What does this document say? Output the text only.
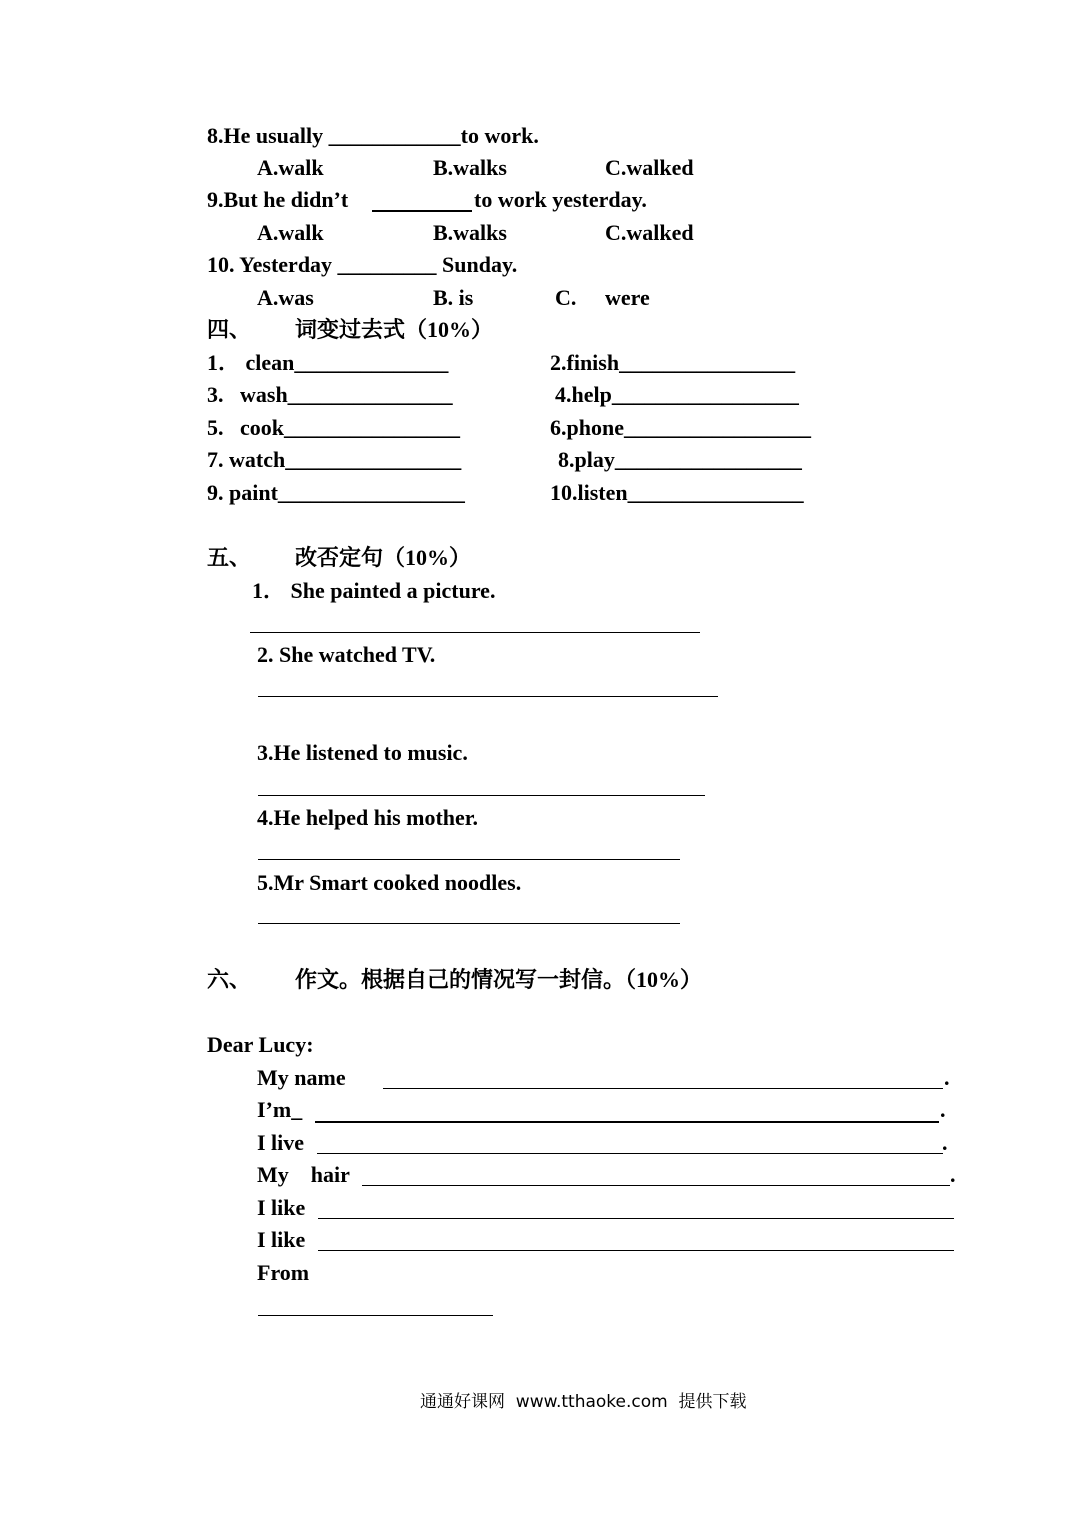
8.He usually ____________to work.
A.walk	B.walks	C.walked
9.But he didn’t	to work yesterday.
A.walk	B.walks	C.walked
10. Yesterday _________ Sunday.
A.was	B. is	C. were
四、 词变过去式（10%）
1． clean______________	2.finish________________
3.   wash_______________	4.help_________________
5.   cook________________	6.phone_________________
7. watch________________	8.play_________________
9. paint_________________	10.listen________________
五、 改否定句（10%）
1． She painted a picture.
2. She watched TV.
3.He listened to music.
4.He helped his mother.
5.Mr Smart cooked noodles.
六、 作文。根据自己的情况写一封信。（10%）
Dear Lucy:
My name	.
I’m_	.
I live	.
My    hair	.
I like
I like
From
通通好课网  www.tthaoke.com  提供下载
